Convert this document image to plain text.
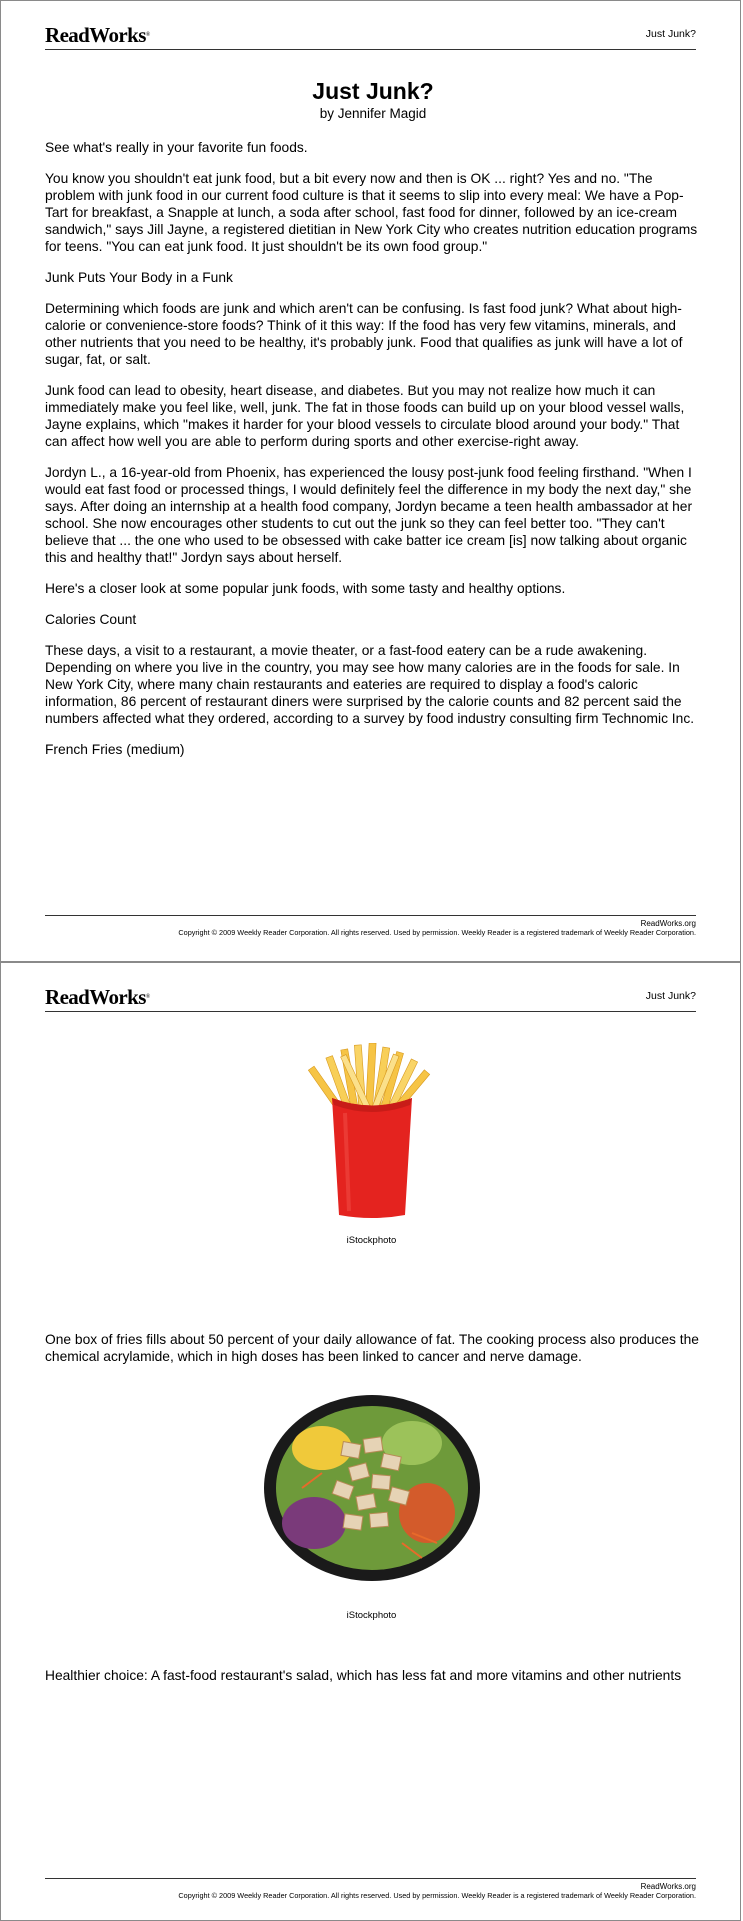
ReadWorks®	Just Junk?
Just Junk?
by Jennifer Magid

See what's really in your favorite fun foods.

You know you shouldn't eat junk food, but a bit every now and then is OK ... right? Yes and no. "The problem with junk food in our current food culture is that it seems to slip into every meal: We have a Pop-Tart for breakfast, a Snapple at lunch, a soda after school, fast food for dinner, followed by an ice-cream sandwich," says Jill Jayne, a registered dietitian in New York City who creates nutrition education programs for teens. "You can eat junk food. It just shouldn't be its own food group."

Junk Puts Your Body in a Funk

Determining which foods are junk and which aren't can be confusing. Is fast food junk? What about high-calorie or convenience-store foods? Think of it this way: If the food has very few vitamins, minerals, and other nutrients that you need to be healthy, it's probably junk. Food that qualifies as junk will have a lot of sugar, fat, or salt.

Junk food can lead to obesity, heart disease, and diabetes. But you may not realize how much it can immediately make you feel like, well, junk. The fat in those foods can build up on your blood vessel walls, Jayne explains, which "makes it harder for your blood vessels to circulate blood around your body." That can affect how well you are able to perform during sports and other exercise-right away.

Jordyn L., a 16-year-old from Phoenix, has experienced the lousy post-junk food feeling firsthand. "When I would eat fast food or processed things, I would definitely feel the difference in my body the next day," she says. After doing an internship at a health food company, Jordyn became a teen health ambassador at her school. She now encourages other students to cut out the junk so they can feel better too. "They can't believe that ... the one who used to be obsessed with cake batter ice cream [is] now talking about organic this and healthy that!" Jordyn says about herself.

Here's a closer look at some popular junk foods, with some tasty and healthy options.

Calories Count

These days, a visit to a restaurant, a movie theater, or a fast-food eatery can be a rude awakening. Depending on where you live in the country, you may see how many calories are in the foods for sale. In New York City, where many chain restaurants and eateries are required to display a food's caloric information, 86 percent of restaurant diners were surprised by the calorie counts and 82 percent said the numbers affected what they ordered, according to a survey by food industry consulting firm Technomic Inc.

French Fries (medium)

ReadWorks.org
Copyright © 2009 Weekly Reader Corporation. All rights reserved. Used by permission. Weekly Reader is a registered trademark of Weekly Reader Corporation.
ReadWorks®	Just Junk?
iStockphoto

One box of fries fills about 50 percent of your daily allowance of fat. The cooking process also produces the chemical acrylamide, which in high doses has been linked to cancer and nerve damage.

iStockphoto

Healthier choice: A fast-food restaurant's salad, which has less fat and more vitamins and other nutrients

ReadWorks.org
Copyright © 2009 Weekly Reader Corporation. All rights reserved. Used by permission. Weekly Reader is a registered trademark of Weekly Reader Corporation.
